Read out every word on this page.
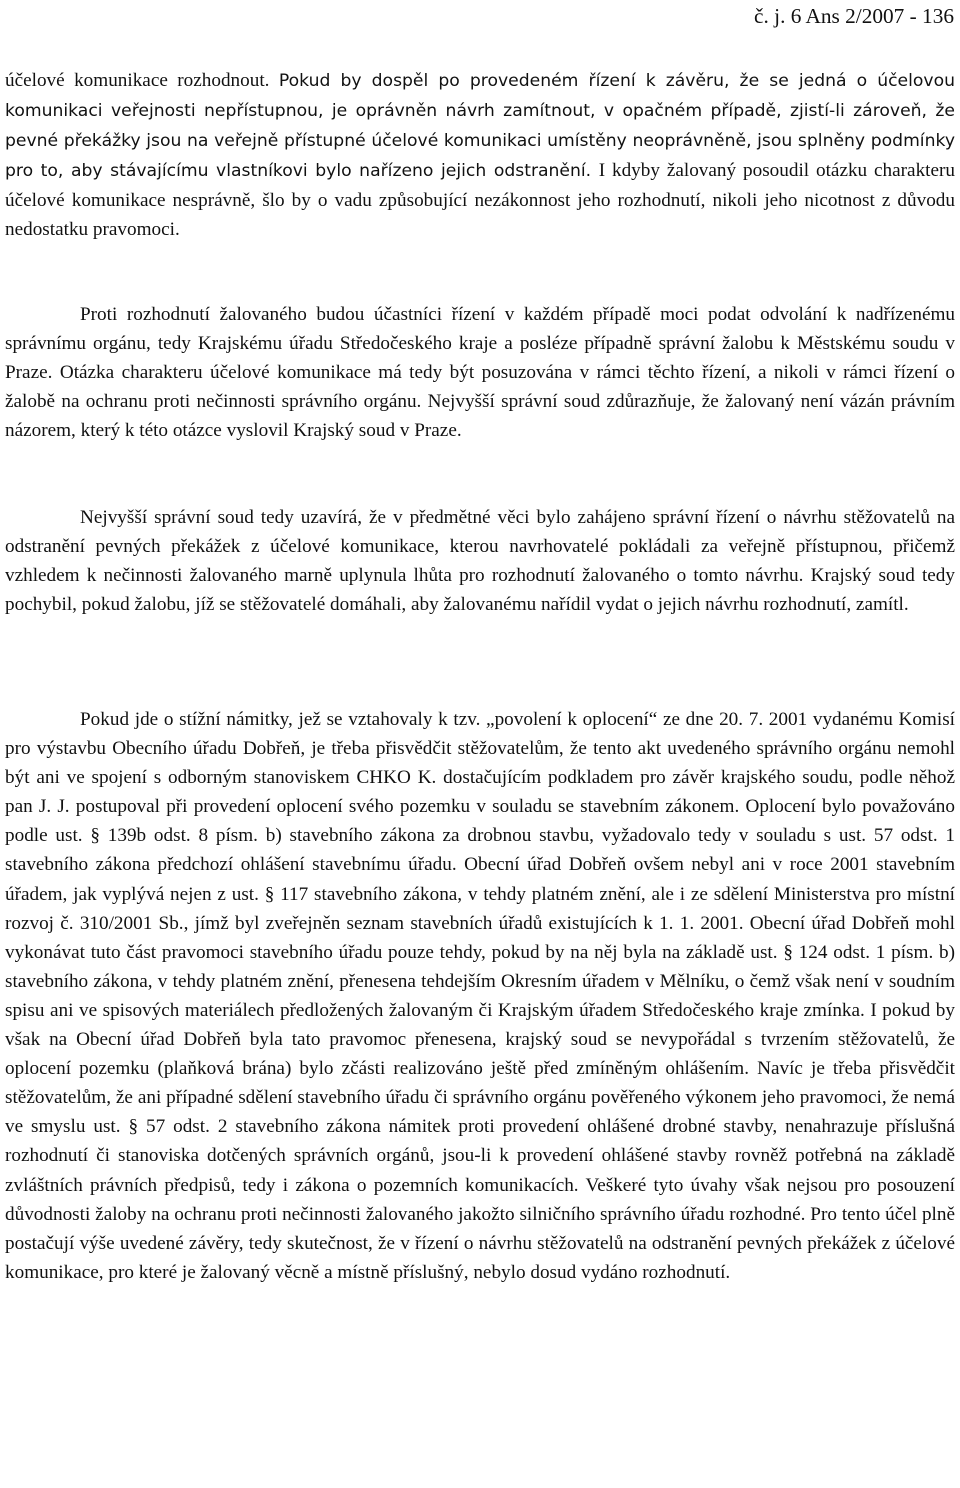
č. j. 6 Ans 2/2007 - 136

účelové komunikace rozhodnout. Pokud by dospěl po provedeném řízení k závěru, že se jedná o účelovou komunikaci veřejnosti nepřístupnou, je oprávněn návrh zamítnout, v opačném případě, zjistí-li zároveň, že pevné překážky jsou na veřejně přístupné účelové komunikaci umístěny neoprávněně, jsou splněny podmínky pro to, aby stávajícímu vlastníkovi bylo nařízeno jejich odstranění. I kdyby žalovaný posoudil otázku charakteru účelové komunikace nesprávně, šlo by o vadu způsobující nezákonnost jeho rozhodnutí, nikoli jeho nicotnost z důvodu nedostatku pravomoci.

Proti rozhodnutí žalovaného budou účastníci řízení v každém případě moci podat odvolání k nadřízenému správnímu orgánu, tedy Krajskému úřadu Středočeského kraje a posléze případně správní žalobu k Městskému soudu v Praze. Otázka charakteru účelové komunikace má tedy být posuzována v rámci těchto řízení, a nikoli v rámci řízení o žalobě na ochranu proti nečinnosti správního orgánu. Nejvyšší správní soud zdůrazňuje, že žalovaný není vázán právním názorem, který k této otázce vyslovil Krajský soud v Praze.

Nejvyšší správní soud tedy uzavírá, že v předmětné věci bylo zahájeno správní řízení o návrhu stěžovatelů na odstranění pevných překážek z účelové komunikace, kterou navrhovatelé pokládali za veřejně přístupnou, přičemž vzhledem k nečinnosti žalovaného marně uplynula lhůta pro rozhodnutí žalovaného o tomto návrhu. Krajský soud tedy pochybil, pokud žalobu, jíž se stěžovatelé domáhali, aby žalovanému nařídil vydat o jejich návrhu rozhodnutí, zamítl.

Pokud jde o stížní námitky, jež se vztahovaly k tzv. „povolení k oplocení“ ze dne 20. 7. 2001 vydanému Komisí pro výstavbu Obecního úřadu Dobřeň, je třeba přisvědčit stěžovatelům, že tento akt uvedeného správního orgánu nemohl být ani ve spojení s odborným stanoviskem CHKO K. dostačujícím podkladem pro závěr krajského soudu, podle něhož pan J. J. postupoval při provedení oplocení svého pozemku v souladu se stavebním zákonem. Oplocení bylo považováno podle ust. § 139b odst. 8 písm. b) stavebního zákona za drobnou stavbu, vyžadovalo tedy v souladu s ust. 57 odst. 1 stavebního zákona předchozí ohlášení stavebnímu úřadu. Obecní úřad Dobřeň ovšem nebyl ani v roce 2001 stavebním úřadem, jak vyplývá nejen z ust. § 117 stavebního zákona, v tehdy platném znění, ale i ze sdělení Ministerstva pro místní rozvoj č. 310/2001 Sb., jímž byl zveřejněn seznam stavebních úřadů existujících k 1. 1. 2001. Obecní úřad Dobřeň mohl vykonávat tuto část pravomoci stavebního úřadu pouze tehdy, pokud by na něj byla na základě ust. § 124 odst. 1 písm. b) stavebního zákona, v tehdy platném znění, přenesena tehdejším Okresním úřadem v Mělníku, o čemž však není v soudním spisu ani ve spisových materiálech předložených žalovaným či Krajským úřadem Středočeského kraje zmínka. I pokud by však na Obecní úřad Dobřeň byla tato pravomoc přenesena, krajský soud se nevypořádal s tvrzením stěžovatelů, že oplocení pozemku (plaňková brána) bylo zčásti realizováno ještě před zmíněným ohlášením. Navíc je třeba přisvědčit stěžovatelům, že ani případné sdělení stavebního úřadu či správního orgánu pověřeného výkonem jeho pravomoci, že nemá ve smyslu ust. § 57 odst. 2 stavebního zákona námitek proti provedení ohlášené drobné stavby, nenahrazuje příslušná rozhodnutí či stanoviska dotčených správních orgánů, jsou-li k provedení ohlášené stavby rovněž potřebná na základě zvláštních právních předpisů, tedy i zákona o pozemních komunikacích. Veškeré tyto úvahy však nejsou pro posouzení důvodnosti žaloby na ochranu proti nečinnosti žalovaného jakožto silničního správního úřadu rozhodné. Pro tento účel plně postačují výše uvedené závěry, tedy skutečnost, že v řízení o návrhu stěžovatelů na odstranění pevných překážek z účelové komunikace, pro které je žalovaný věcně a místně příslušný, nebylo dosud vydáno rozhodnutí.
